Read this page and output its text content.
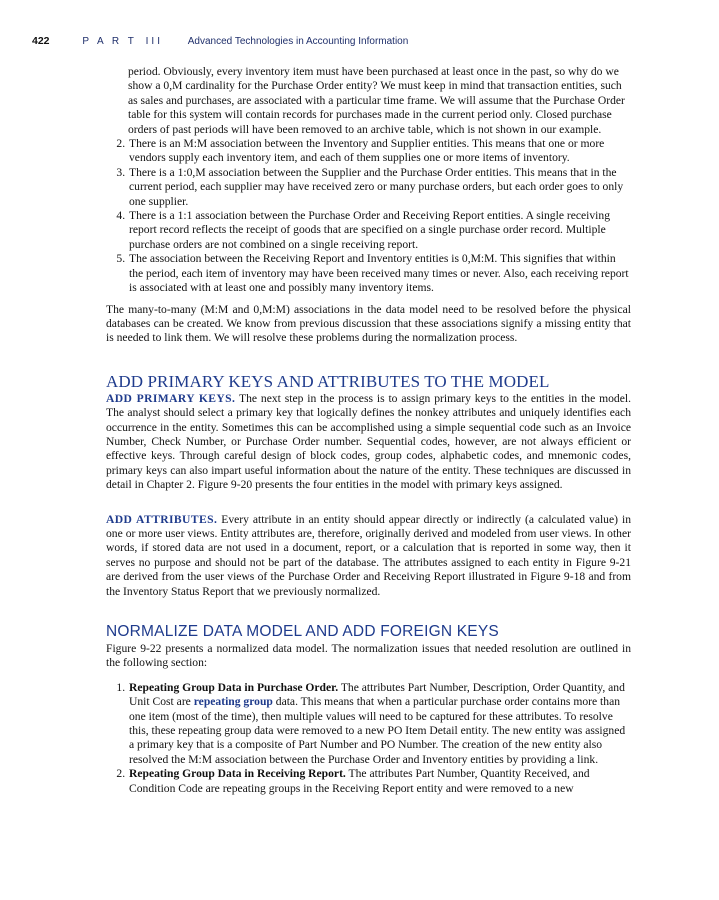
422	P A R T III Advanced Technologies in Accounting Information

period. Obviously, every inventory item must have been purchased at least once in the past, so why do we show a 0,M cardinality for the Purchase Order entity? We must keep in mind that transaction entities, such as sales and purchases, are associated with a particular time frame. We will assume that the Purchase Order table for this system will contain records for purchases made in the current period only. Closed purchase orders of past periods will have been removed to an archive table, which is not shown in our example.

2. There is an M:M association between the Inventory and Supplier entities. This means that one or more vendors supply each inventory item, and each of them supplies one or more items of inventory.
3. There is a 1:0,M association between the Supplier and the Purchase Order entities. This means that in the current period, each supplier may have received zero or many purchase orders, but each order goes to only one supplier.
4. There is a 1:1 association between the Purchase Order and Receiving Report entities. A single receiving report record reflects the receipt of goods that are specified on a single purchase order record. Multiple purchase orders are not combined on a single receiving report.
5. The association between the Receiving Report and Inventory entities is 0,M:M. This signifies that within the period, each item of inventory may have been received many times or never. Also, each receiving report is associated with at least one and possibly many inventory items.

The many-to-many (M:M and 0,M:M) associations in the data model need to be resolved before the physical databases can be created. We know from previous discussion that these associations signify a missing entity that is needed to link them. We will resolve these problems during the normalization process.

ADD PRIMARY KEYS AND ATTRIBUTES TO THE MODEL

ADD PRIMARY KEYS. The next step in the process is to assign primary keys to the entities in the model. The analyst should select a primary key that logically defines the nonkey attributes and uniquely identifies each occurrence in the entity. Sometimes this can be accomplished using a simple sequential code such as an Invoice Number, Check Number, or Purchase Order number. Sequential codes, however, are not always efficient or effective keys. Through careful design of block codes, group codes, alphabetic codes, and mnemonic codes, primary keys can also impart useful information about the nature of the entity. These techniques are discussed in detail in Chapter 2. Figure 9-20 presents the four entities in the model with primary keys assigned.

ADD ATTRIBUTES. Every attribute in an entity should appear directly or indirectly (a calculated value) in one or more user views. Entity attributes are, therefore, originally derived and modeled from user views. In other words, if stored data are not used in a document, report, or a calculation that is reported in some way, then it serves no purpose and should not be part of the database. The attributes assigned to each entity in Figure 9-21 are derived from the user views of the Purchase Order and Receiving Report illustrated in Figure 9-18 and from the Inventory Status Report that we previously normalized.

NORMALIZE DATA MODEL AND ADD FOREIGN KEYS

Figure 9-22 presents a normalized data model. The normalization issues that needed resolution are outlined in the following section:

1. Repeating Group Data in Purchase Order. The attributes Part Number, Description, Order Quantity, and Unit Cost are repeating group data. This means that when a particular purchase order contains more than one item (most of the time), then multiple values will need to be captured for these attributes. To resolve this, these repeating group data were removed to a new PO Item Detail entity. The new entity was assigned a primary key that is a composite of Part Number and PO Number. The creation of the new entity also resolved the M:M association between the Purchase Order and Inventory entities by providing a link.
2. Repeating Group Data in Receiving Report. The attributes Part Number, Quantity Received, and Condition Code are repeating groups in the Receiving Report entity and were removed to a new
